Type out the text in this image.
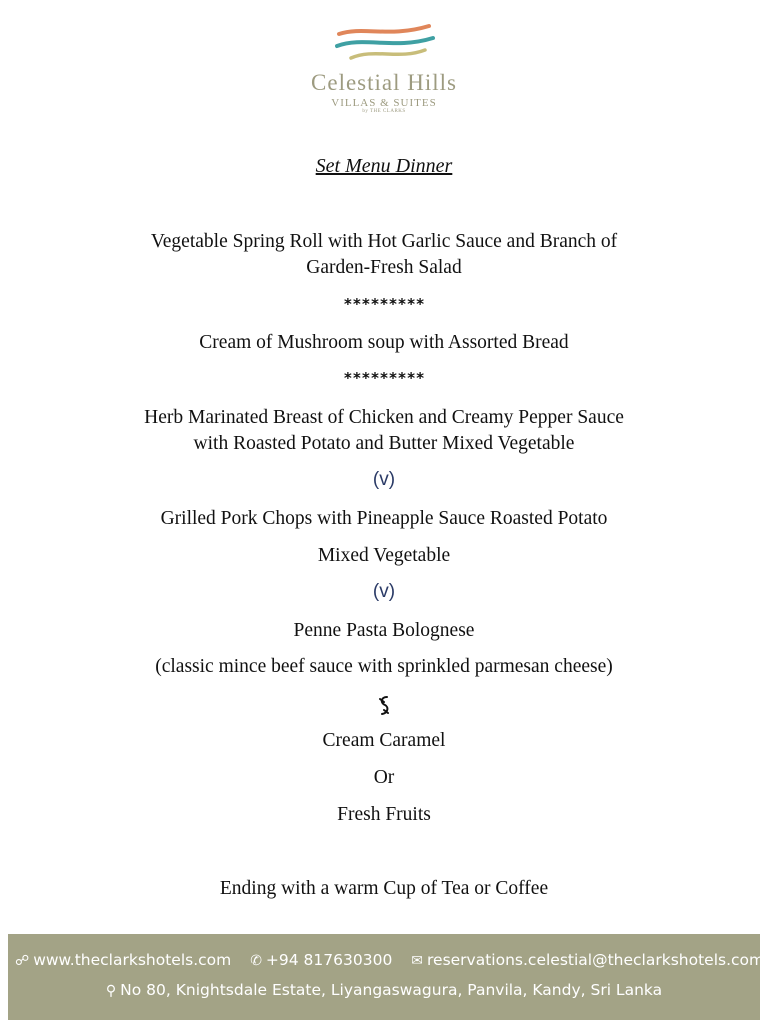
Celestial Hills
VILLAS & SUITES
by THE CLARKS
Set Menu Dinner
Vegetable Spring Roll with Hot Garlic Sauce and Branch of
Garden-Fresh Salad
*********
Cream of Mushroom soup with Assorted Bread
*********
Herb Marinated Breast of Chicken and Creamy Pepper Sauce
with Roasted Potato and Butter Mixed Vegetable
(v)
Grilled Pork Chops with Pineapple Sauce Roasted Potato
Mixed Vegetable
(v)
Penne Pasta Bolognese
(classic mince beef sauce with sprinkled parmesan cheese)
Cream Caramel
Or
Fresh Fruits
Ending with a warm Cup of Tea or Coffee
☍ www.theclarkshotels.com ✆ +94 817630300 ✉ reservations.celestial@theclarkshotels.com
⚲ No 80, Knightsdale Estate, Liyangaswagura, Panvila, Kandy, Sri Lanka
